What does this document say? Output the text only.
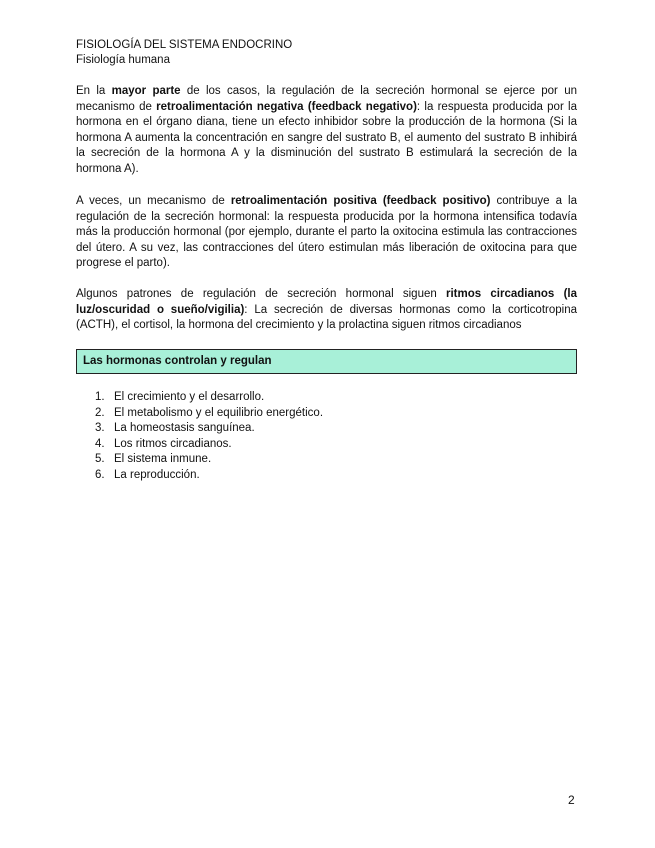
FISIOLOGÍA DEL SISTEMA ENDOCRINO
Fisiología humana

En la mayor parte de los casos, la regulación de la secreción hormonal se ejerce por un mecanismo de retroalimentación negativa (feedback negativo): la respuesta producida por la hormona en el órgano diana, tiene un efecto inhibidor sobre la producción de la hormona (Si la hormona A aumenta la concentración en sangre del sustrato B, el aumento del sustrato B inhibirá la secreción de la hormona A y la disminución del sustrato B estimulará la secreción de la hormona A).

A veces, un mecanismo de retroalimentación positiva (feedback positivo) contribuye a la regulación de la secreción hormonal: la respuesta producida por la hormona intensifica todavía más la producción hormonal (por ejemplo, durante el parto la oxitocina estimula las contracciones del útero. A su vez, las contracciones del útero estimulan más liberación de oxitocina para que progrese el parto).

Algunos patrones de regulación de secreción hormonal siguen ritmos circadianos (la luz/oscuridad o sueño/vigilia): La secreción de diversas hormonas como la corticotropina (ACTH), el cortisol, la hormona del crecimiento y la prolactina siguen ritmos circadianos

Las hormonas controlan y regulan
1. El crecimiento y el desarrollo.
2. El metabolismo y el equilibrio energético.
3. La homeostasis sanguínea.
4. Los ritmos circadianos.
5. El sistema inmune.
6. La reproducción.
2
